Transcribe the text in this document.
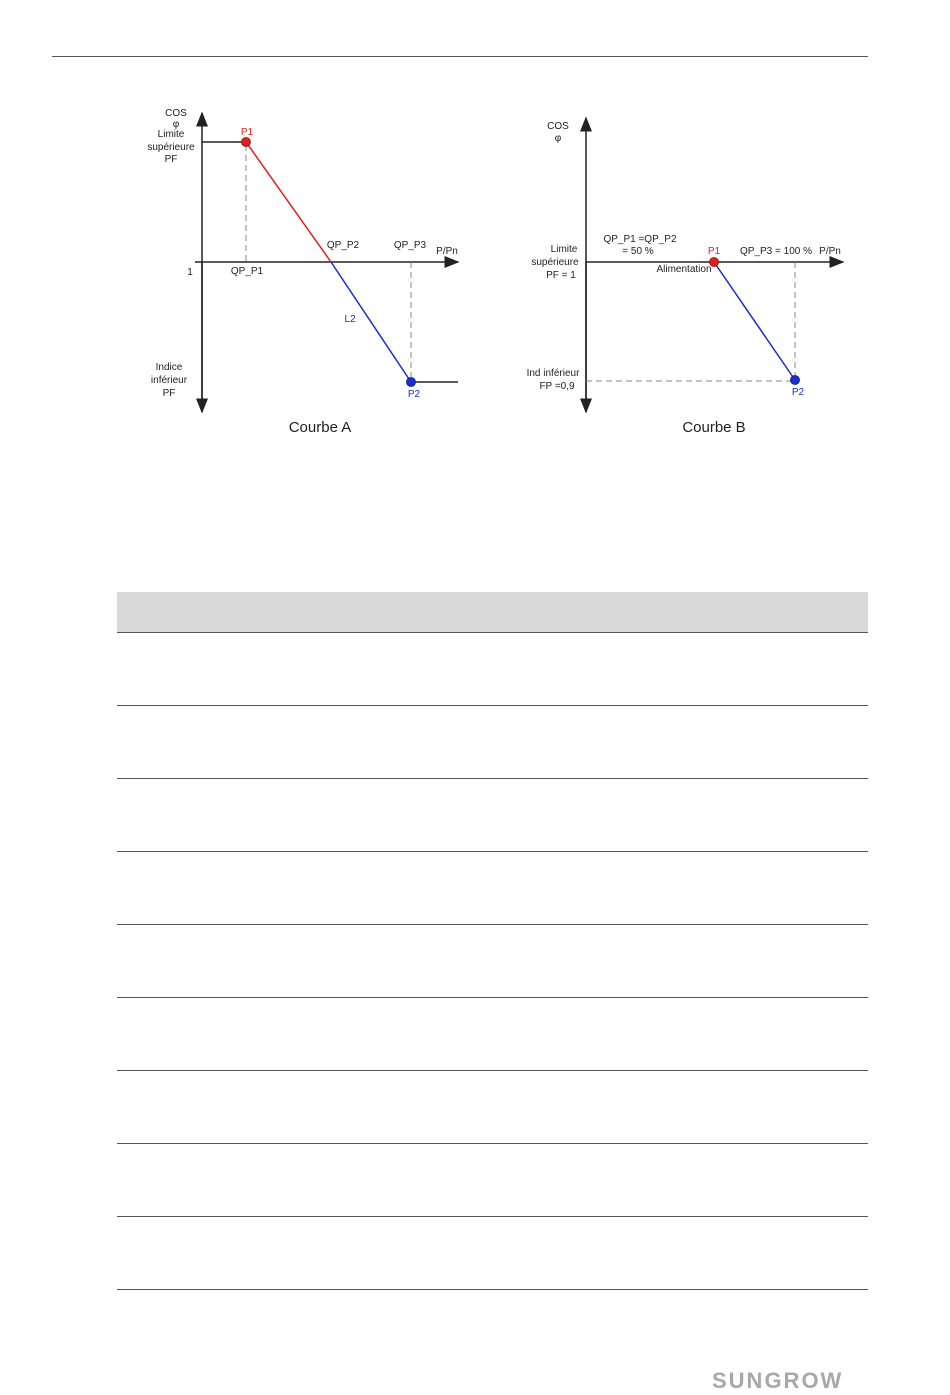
COS
φ
Limite
supérieure
PF
Indice
inférieur
PF
1
P/Pn
P1
P2
QP_P1
QP_P2	QP_P3
L2
Courbe A
COS
φ
Limite
supérieure
PF = 1
Ind inférieur
FP =0,9
QP_P1 =QP_P2
= 50 %	P1
Alimentation
QP_P3 = 100 % P/Pn
P2
Courbe B
SUNGROW
